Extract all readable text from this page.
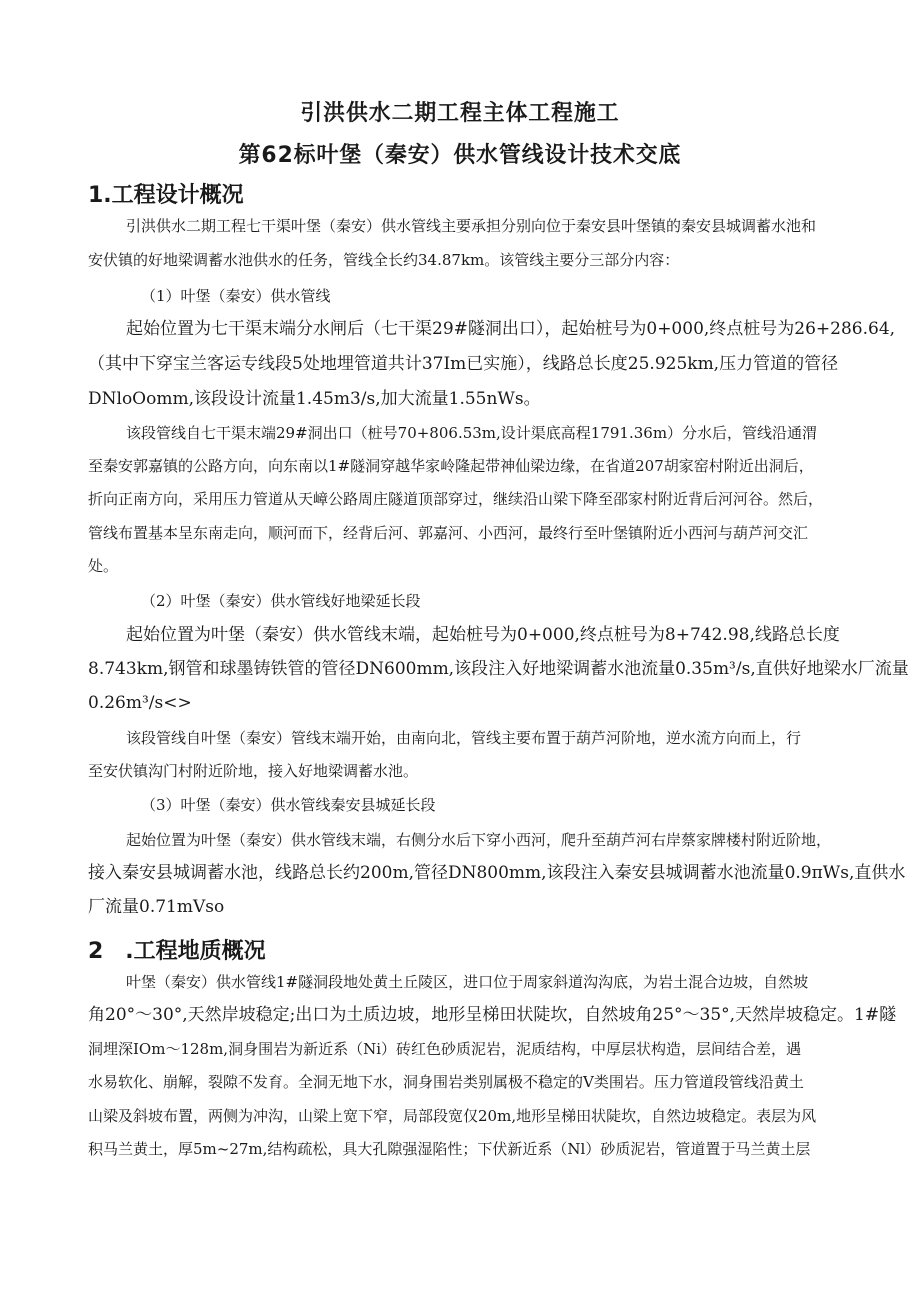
引洪供水二期工程主体工程施工
第62标叶堡（秦安）供水管线设计技术交底
1.工程设计概况
引洪供水二期工程七干渠叶堡（秦安）供水管线主要承担分别向位于秦安县叶堡镇的秦安县城调蓄水池和
安伏镇的好地梁调蓄水池供水的任务，管线全长约34.87km。该管线主要分三部分内容：
（1）叶堡（秦安）供水管线
起始位置为七干渠末端分水闸后（七干渠29#隧洞出口），起始桩号为0+000,终点桩号为26+286.64,
（其中下穿宝兰客运专线段5处地埋管道共计37Im已实施），线路总长度25.925km,压力管道的管径
DNloOomm,该段设计流量1.45m3/s,加大流量1.55nWs。
该段管线自七干渠末端29#洞出口（桩号70+806.53m,设计渠底高程1791.36m）分水后，管线沿通渭
至秦安郭嘉镇的公路方向，向东南以1#隧洞穿越华家岭隆起带神仙梁边缘，在省道207胡家窑村附近出洞后，
折向正南方向，采用压力管道从天嶂公路周庄隧道顶部穿过，继续沿山梁下降至邵家村附近背后河河谷。然后，
管线布置基本呈东南走向，顺河而下，经背后河、郭嘉河、小西河，最终行至叶堡镇附近小西河与葫芦河交汇
处。
（2）叶堡（秦安）供水管线好地梁延长段
起始位置为叶堡（秦安）供水管线末端，起始桩号为0+000,终点桩号为8+742.98,线路总长度
8.743km,钢管和球墨铸铁管的管径DN600mm,该段注入好地梁调蓄水池流量0.35m³/s,直供好地梁水厂流量
0.26m³/s<>
该段管线自叶堡（秦安）管线末端开始，由南向北，管线主要布置于葫芦河阶地，逆水流方向而上，行
至安伏镇沟门村附近阶地，接入好地梁调蓄水池。
（3）叶堡（秦安）供水管线秦安县城延长段
起始位置为叶堡（秦安）供水管线末端，右侧分水后下穿小西河，爬升至葫芦河右岸蔡家牌楼村附近阶地，
接入秦安县城调蓄水池，线路总长约200m,管径DN800mm,该段注入秦安县城调蓄水池流量0.9πWs,直供水
厂流量0.71mVso
2　.工程地质概况
叶堡（秦安）供水管线1#隧洞段地处黄土丘陵区，进口位于周家斜道沟沟底，为岩土混合边坡，自然坡
角20°～30°,天然岸坡稳定;出口为土质边坡，地形呈梯田状陡坎，自然坡角25°～35°,天然岸坡稳定。1#隧
洞埋深IOm～128m,洞身围岩为新近系（Ni）砖红色砂质泥岩，泥质结构，中厚层状构造，层间结合差，遇
水易软化、崩解，裂隙不发育。全洞无地下水，洞身围岩类别属极不稳定的V类围岩。压力管道段管线沿黄土
山梁及斜坡布置，两侧为冲沟，山梁上宽下窄，局部段宽仅20m,地形呈梯田状陡坎，自然边坡稳定。表层为风
积马兰黄土，厚5m~27m,结构疏松，具大孔隙强湿陷性；下伏新近系（Nl）砂质泥岩，管道置于马兰黄土层
